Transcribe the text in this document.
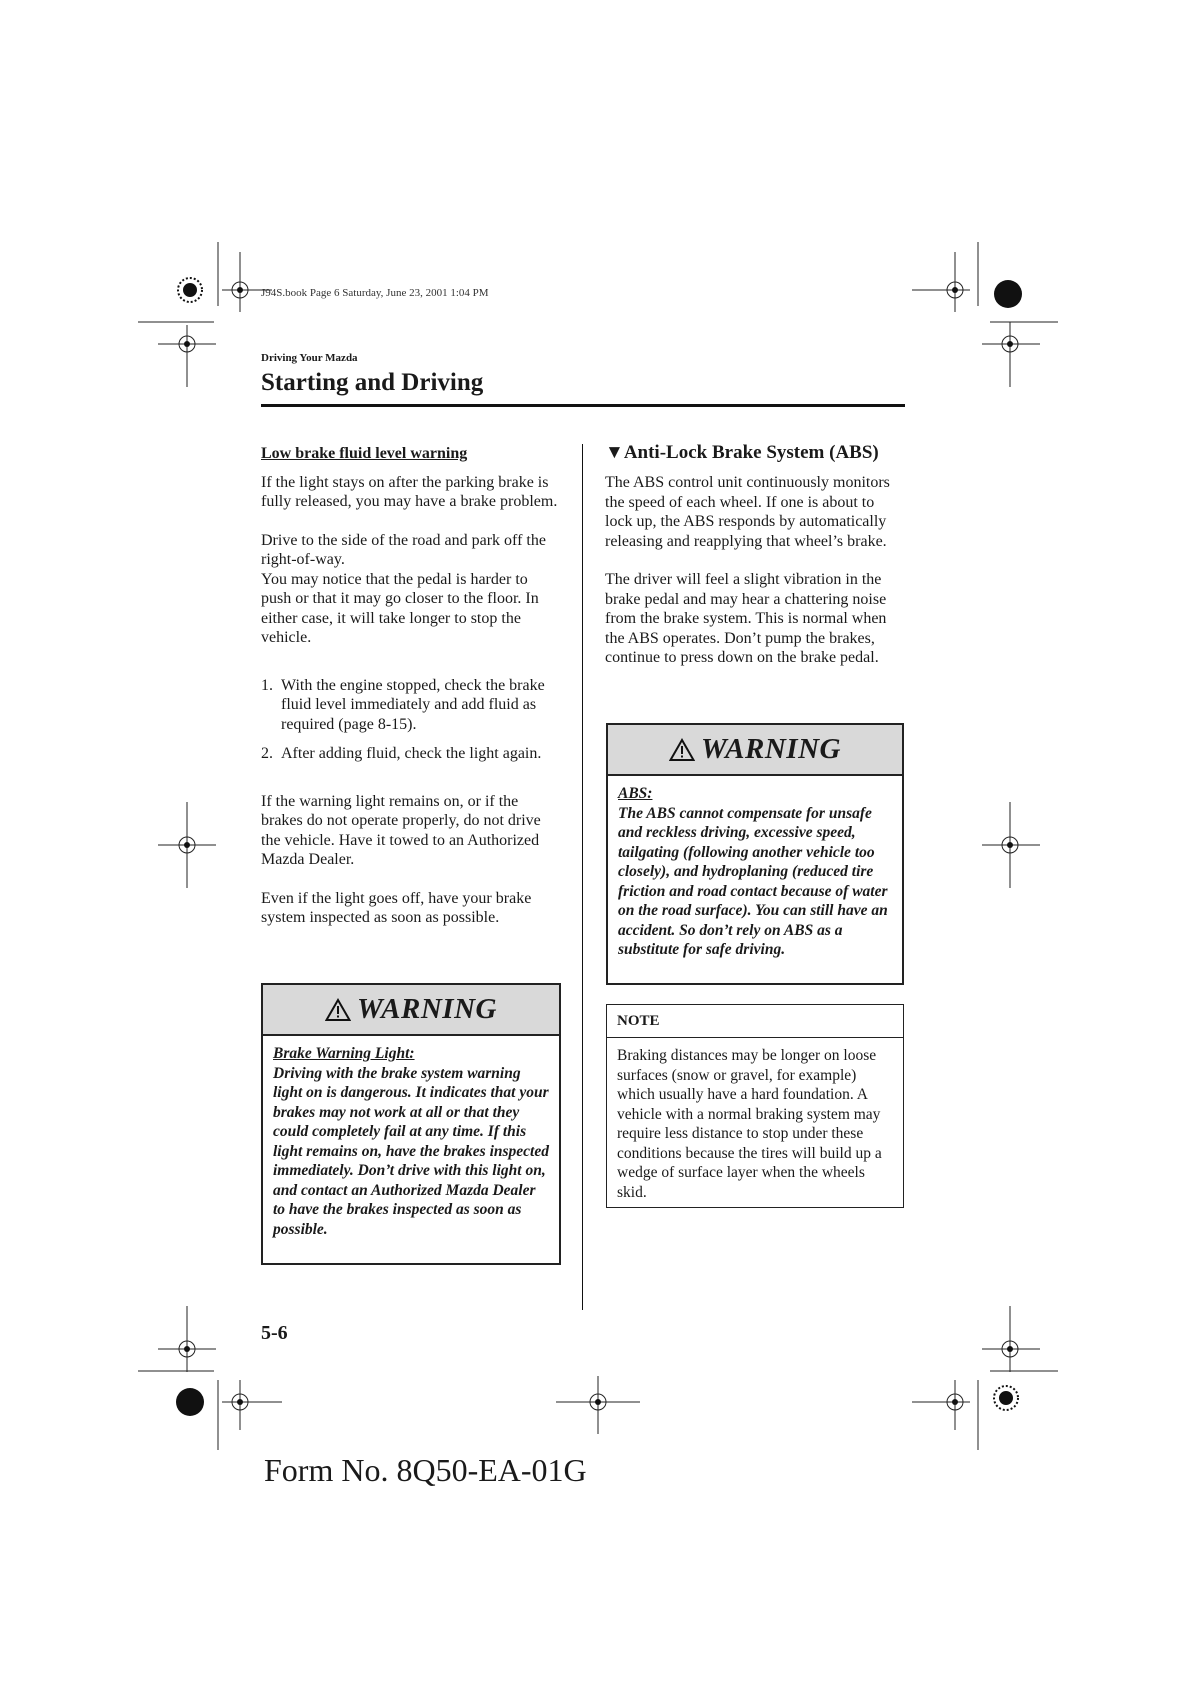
J94S.book Page 6 Saturday, June 23, 2001 1:04 PM
Driving Your Mazda
Starting and Driving

Low brake fluid level warning

If the light stays on after the parking brake is fully released, you may have a brake problem.

Drive to the side of the road and park off the right-of-way.

You may notice that the pedal is harder to push or that it may go closer to the floor. In either case, it will take longer to stop the vehicle.

1. With the engine stopped, check the brake fluid level immediately and add fluid as required (page 8-15).
2. After adding fluid, check the light again.

If the warning light remains on, or if the brakes do not operate properly, do not drive the vehicle. Have it towed to an Authorized Mazda Dealer.

Even if the light goes off, have your brake system inspected as soon as possible.

WARNING
Brake Warning Light:
Driving with the brake system warning light on is dangerous. It indicates that your brakes may not work at all or that they could completely fail at any time. If this light remains on, have the brakes inspected immediately. Don’t drive with this light on, and contact an Authorized Mazda Dealer to have the brakes inspected as soon as possible.

▼Anti-Lock Brake System (ABS)

The ABS control unit continuously monitors the speed of each wheel. If one is about to lock up, the ABS responds by automatically releasing and reapplying that wheel’s brake.

The driver will feel a slight vibration in the brake pedal and may hear a chattering noise from the brake system. This is normal when the ABS operates. Don’t pump the brakes, continue to press down on the brake pedal.

WARNING
ABS:
The ABS cannot compensate for unsafe and reckless driving, excessive speed, tailgating (following another vehicle too closely), and hydroplaning (reduced tire friction and road contact because of water on the road surface). You can still have an accident. So don’t rely on ABS as a substitute for safe driving.
NOTE
Braking distances may be longer on loose surfaces (snow or gravel, for example) which usually have a hard foundation. A vehicle with a normal braking system may require less distance to stop under these conditions because the tires will build up a wedge of surface layer when the wheels skid.
5-6
Form No. 8Q50-EA-01G
